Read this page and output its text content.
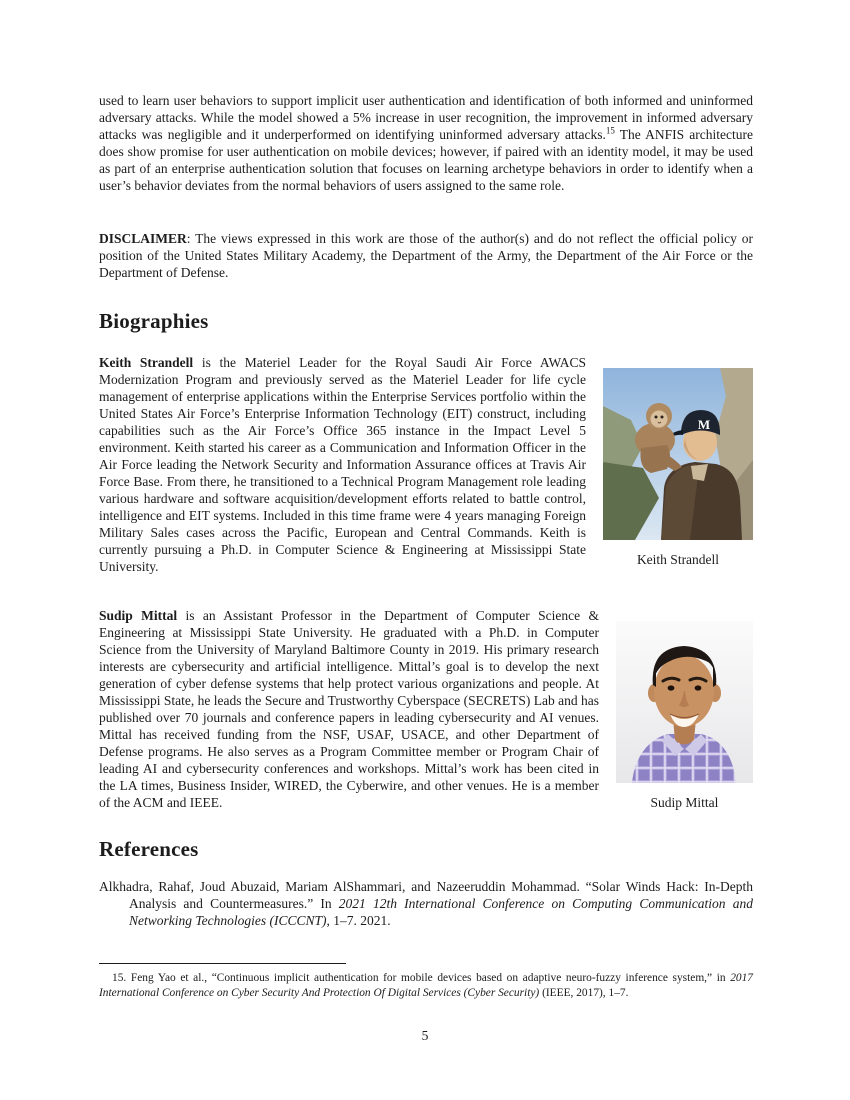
used to learn user behaviors to support implicit user authentication and identification of both informed and uninformed adversary attacks. While the model showed a 5% increase in user recognition, the improvement in informed adversary attacks was negligible and it underperformed on identifying uninformed adversary attacks.$^{15}$ The ANFIS architecture does show promise for user authentication on mobile devices; however, if paired with an identity model, it may be used as part of an enterprise authentication solution that focuses on learning archetype behaviors in order to identify when a user’s behavior deviates from the normal behaviors of users assigned to the same role.

DISCLAIMER: The views expressed in this work are those of the author(s) and do not reflect the official policy or position of the United States Military Academy, the Department of the Army, the Department of the Air Force or the Department of Defense.

Biographies

Keith Strandell is the Materiel Leader for the Royal Saudi Air Force AWACS Modernization Program and previously served as the Materiel Leader for life cycle management of enterprise applications within the Enterprise Services portfolio within the United States Air Force’s Enterprise Information Technology (EIT) construct, including capabilities such as the Air Force’s Office 365 instance in the Impact Level 5 environment. Keith started his career as a Communication and Information Officer in the Air Force leading the Network Security and Information Assurance offices at Travis Air Force Base. From there, he transitioned to a Technical Program Management role leading various hardware and software acquisition/development efforts related to battle control, intelligence and EIT systems. Included in this time frame were 4 years managing Foreign Military Sales cases across the Pacific, European and Central Commands. Keith is currently pursuing a Ph.D. in Computer Science & Engineering at Mississippi State University.

M
Keith Strandell

Sudip Mittal is an Assistant Professor in the Department of Computer Science & Engineering at Mississippi State University. He graduated with a Ph.D. in Computer Science from the University of Maryland Baltimore County in 2019. His primary research interests are cybersecurity and artificial intelligence. Mittal’s goal is to develop the next generation of cyber defense systems that help protect various organizations and people. At Mississippi State, he leads the Secure and Trustworthy Cyberspace (SECRETS) Lab and has published over 70 journals and conference papers in leading cybersecurity and AI venues. Mittal has received funding from the NSF, USAF, USACE, and other Department of Defense programs. He also serves as a Program Committee member or Program Chair of leading AI and cybersecurity conferences and workshops. Mittal’s work has been cited in the LA times, Business Insider, WIRED, the Cyberwire, and other venues. He is a member of the ACM and IEEE.	Sudip Mittal
References

Alkhadra, Rahaf, Joud Abuzaid, Mariam AlShammari, and Nazeeruddin Mohammad. “Solar Winds Hack: In-Depth Analysis and Countermeasures.” In 2021 12th International Conference on Computing Communication and Networking Technologies (ICCCNT), 1–7. 2021.

15. Feng Yao et al., “Continuous implicit authentication for mobile devices based on adaptive neuro-fuzzy inference system,” in 2017 International Conference on Cyber Security And Protection Of Digital Services (Cyber Security) (IEEE, 2017), 1–7.

5
